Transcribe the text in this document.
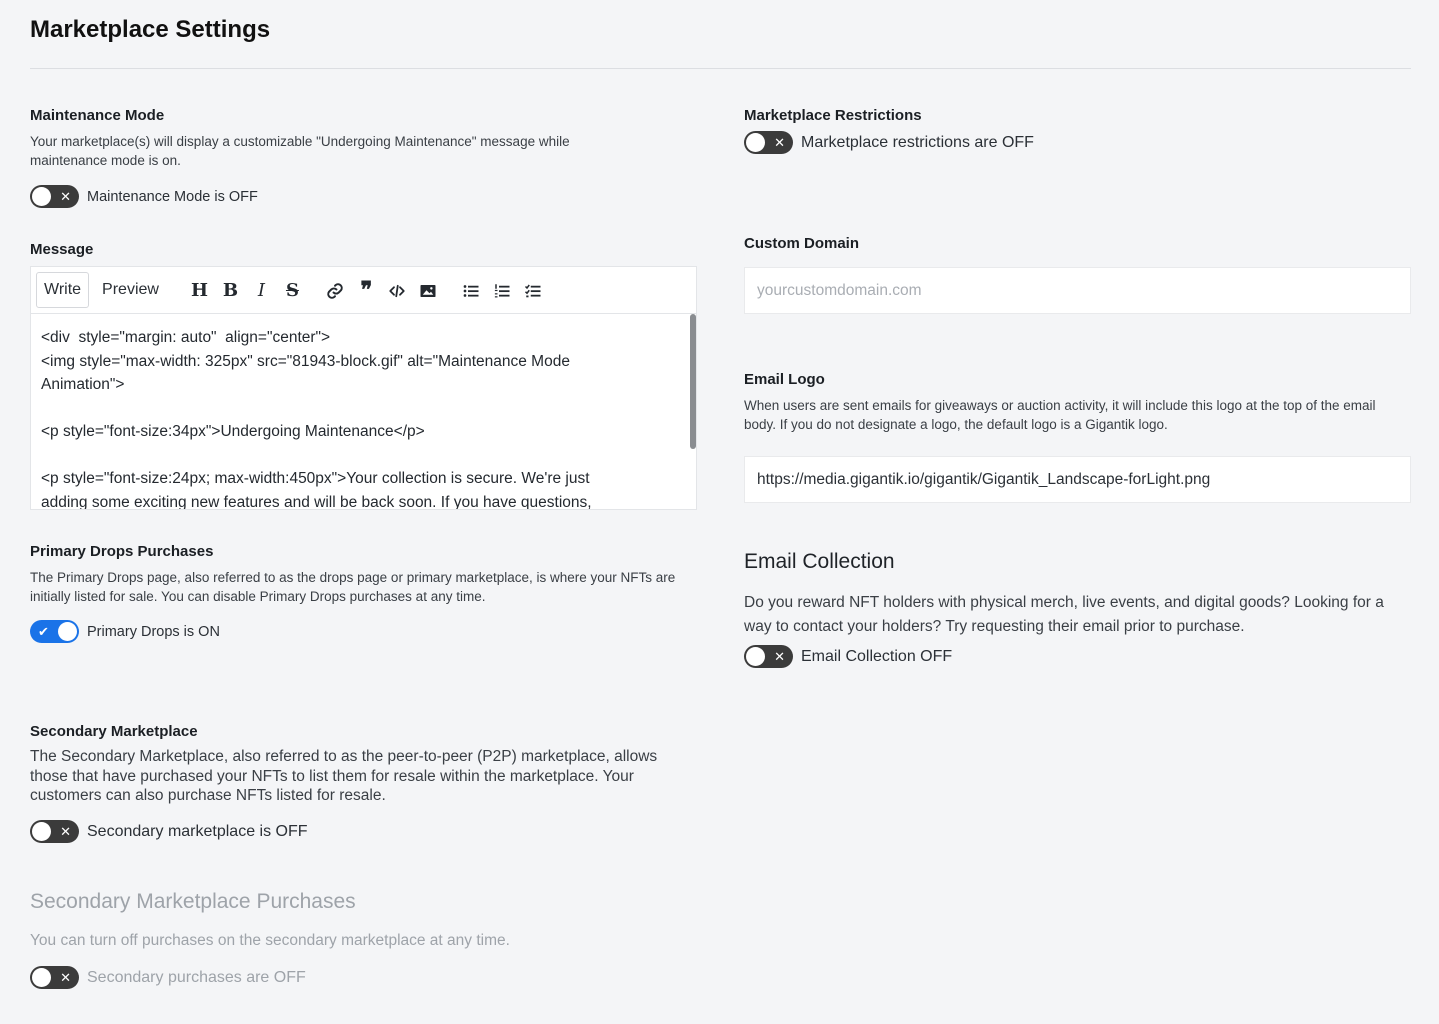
Marketplace Settings
Maintenance Mode
Your marketplace(s) will display a customizable "Undergoing Maintenance" message while maintenance mode is on.
✕ Maintenance Mode is OFF
Message
Write	Preview	H B	I	S	❞
<div  style="margin: auto"  align="center">
<img style="max-width: 325px" src="81943-block.gif" alt="Maintenance Mode Animation">

<p style="font-size:34px">Undergoing Maintenance</p>

<p style="font-size:24px; max-width:450px">Your collection is secure. We're just adding some exciting new features and will be back soon. If you have questions,
Primary Drops Purchases
The Primary Drops page, also referred to as the drops page or primary marketplace, is where your NFTs are initially listed for sale. You can disable Primary Drops purchases at any time.
✔	Primary Drops is ON
Secondary Marketplace
The Secondary Marketplace, also referred to as the peer-to-peer (P2P) marketplace, allows those that have purchased your NFTs to list them for resale within the marketplace. Your customers can also purchase NFTs listed for resale.
✕ Secondary marketplace is OFF
Secondary Marketplace Purchases
You can turn off purchases on the secondary marketplace at any time.
✕ Secondary purchases are OFF
Marketplace Restrictions
✕ Marketplace restrictions are OFF
Custom Domain
yourcustomdomain.com
Email Logo
When users are sent emails for giveaways or auction activity, it will include this logo at the top of the email body. If you do not designate a logo, the default logo is a Gigantik logo.
https://media.gigantik.io/gigantik/Gigantik_Landscape-forLight.png
Email Collection
Do you reward NFT holders with physical merch, live events, and digital goods? Looking for a way to contact your holders? Try requesting their email prior to purchase.
✕ Email Collection OFF
